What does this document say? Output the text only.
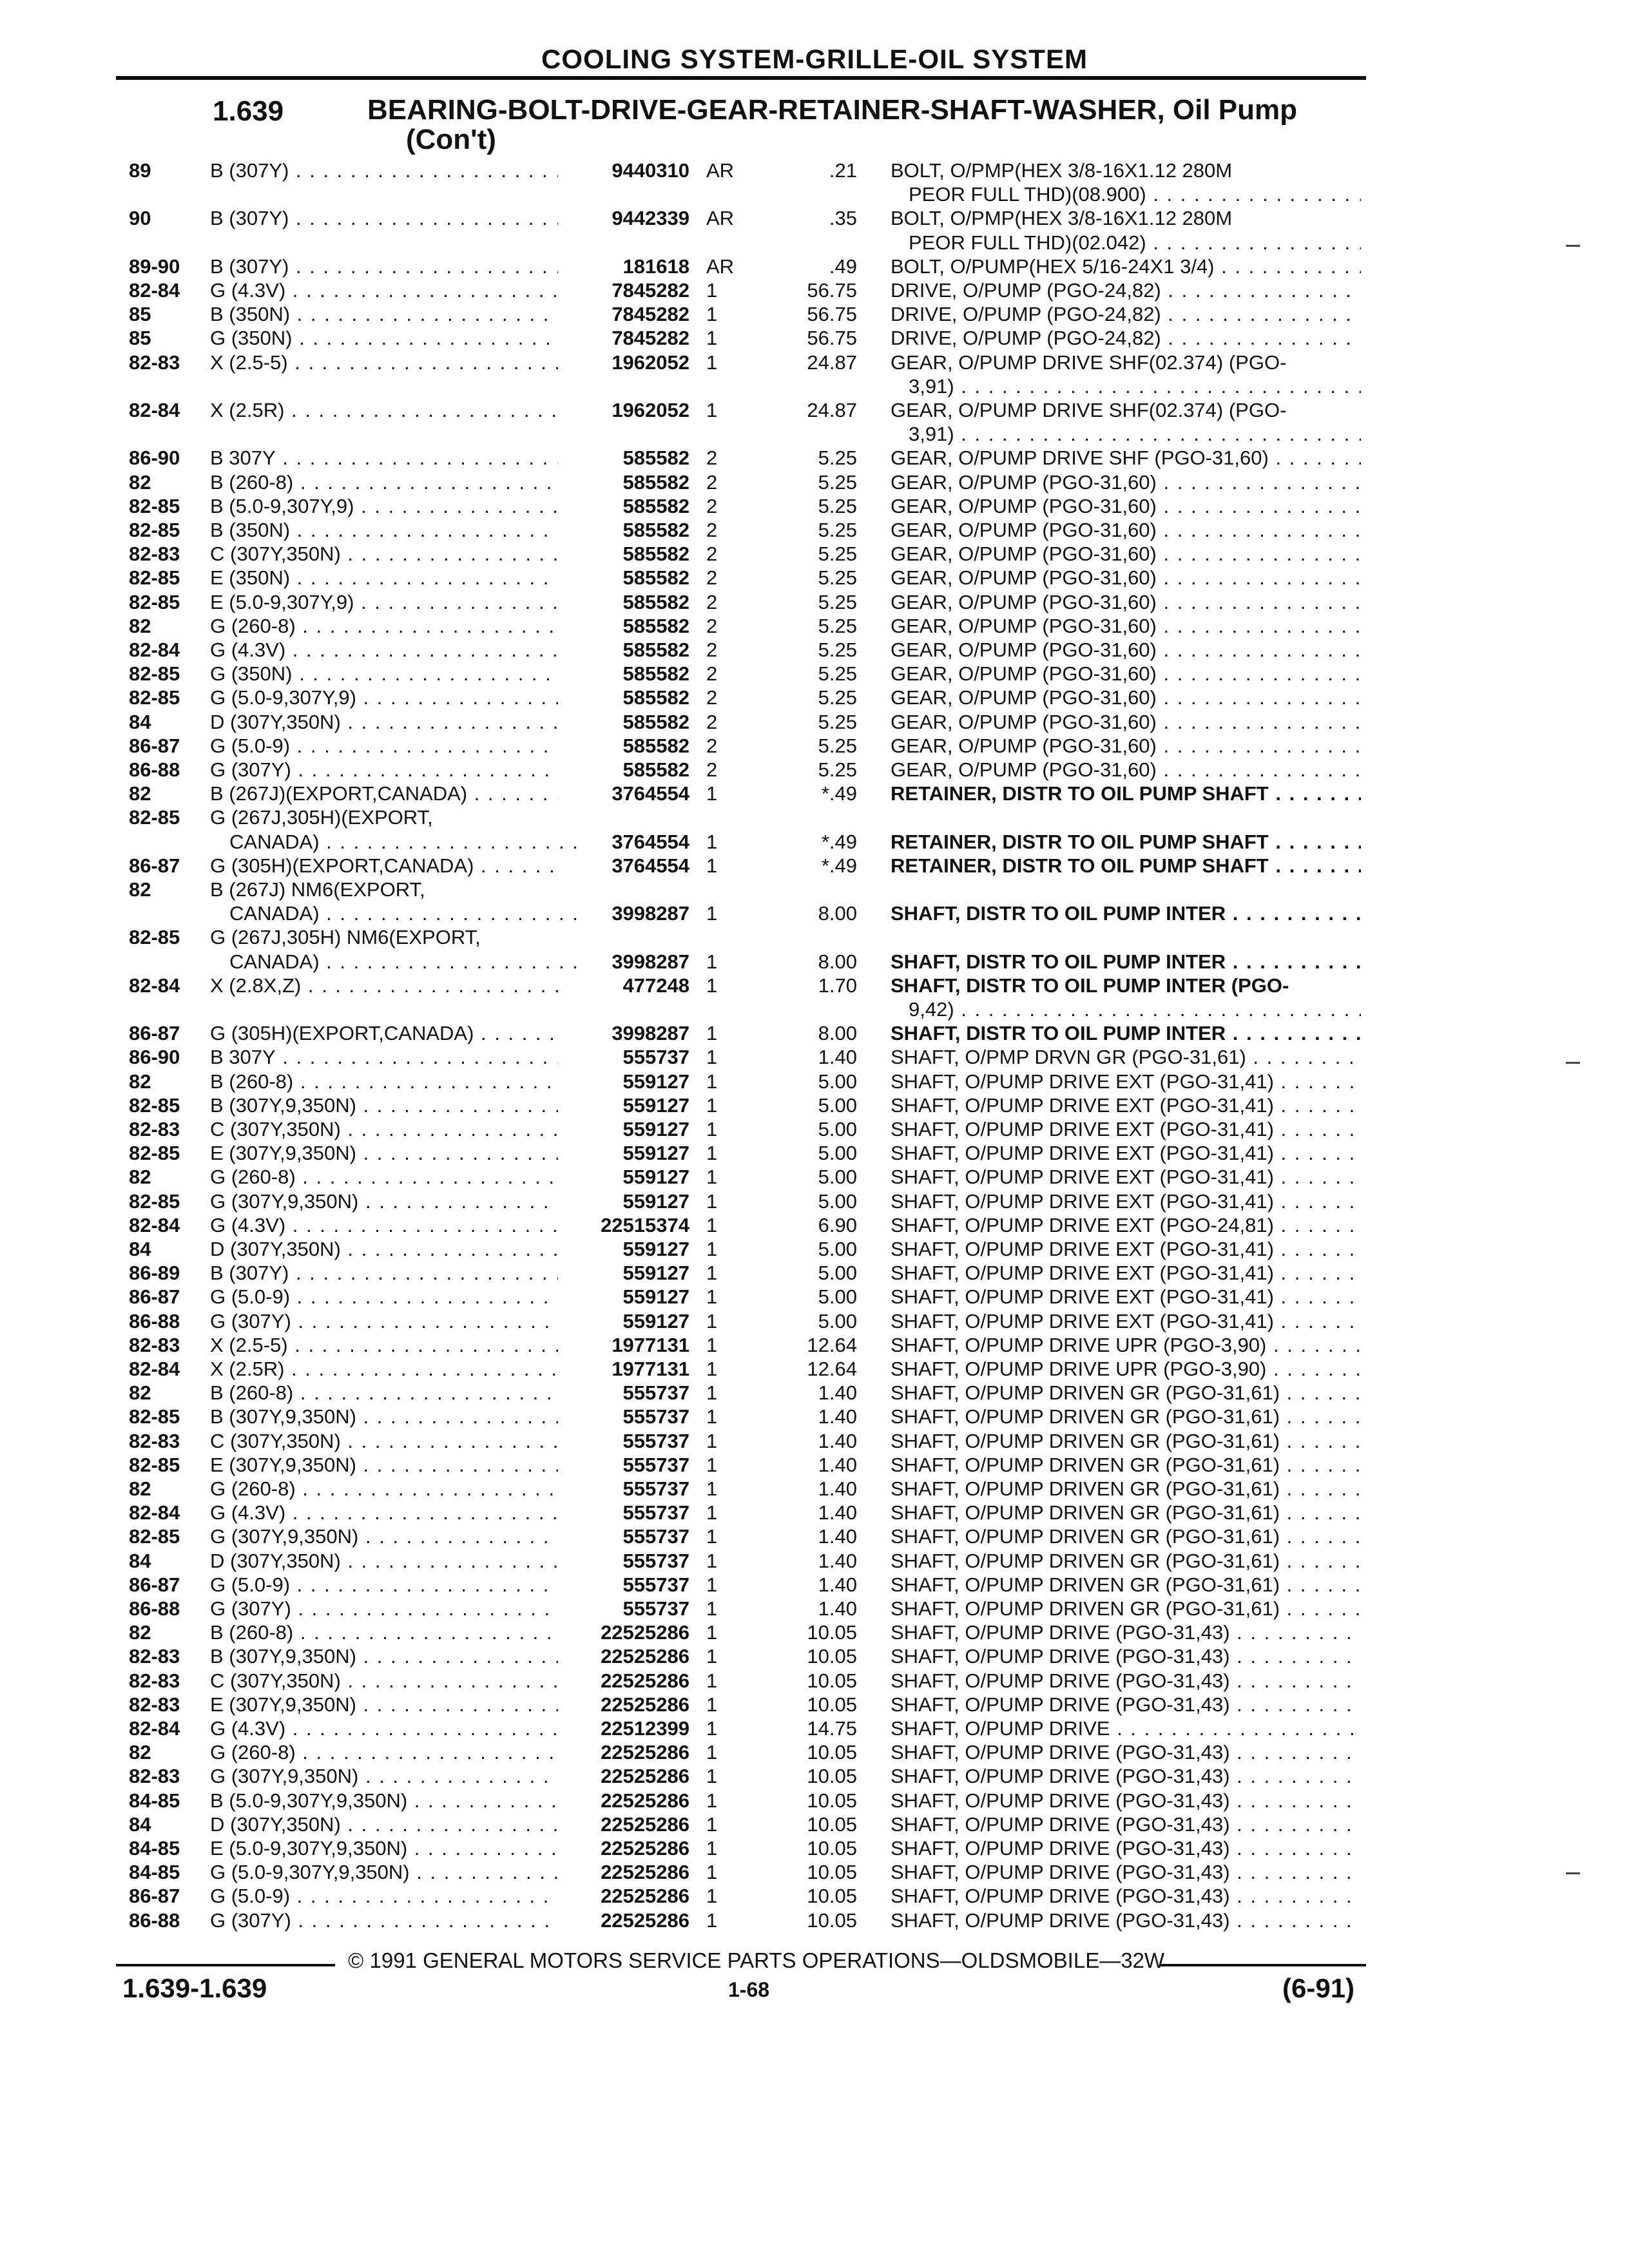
COOLING SYSTEM-GRILLE-OIL SYSTEM
1.639	BEARING-BOLT-DRIVE-GEAR-RETAINER-SHAFT-WASHER, Oil Pump
(Con't)
89	B (307Y) . . .	9440310 AR	.21 BOLT, O/PMP(HEX 3/8-16X1.12 280M
PEOR FULL THD)(08.900) . . .
90	B (307Y) . . .	9442339 AR	.35 BOLT, O/PMP(HEX 3/8-16X1.12 280M
PEOR FULL THD)(02.042) . . .
89-90 B (307Y) . . .	181618 AR	.49 BOLT, O/PUMP(HEX 5/16-24X1 3/4) . . .
82-84 G (4.3V) . . .	7845282 1	56.75 DRIVE, O/PUMP (PGO-24,82) . . .
85	B (350N) . . .	7845282 1	56.75 DRIVE, O/PUMP (PGO-24,82) . . .
85	G (350N) . . .	7845282 1	56.75 DRIVE, O/PUMP (PGO-24,82) . . .
82-83 X (2.5-5) . . .	1962052 1	24.87 GEAR, O/PUMP DRIVE SHF(02.374) (PGO-
3,91) . . .
82-84 X (2.5R) . . .	1962052 1	24.87 GEAR, O/PUMP DRIVE SHF(02.374) (PGO-
3,91) . . .
86-90 B 307Y . . .	585582 2	5.25 GEAR, O/PUMP DRIVE SHF (PGO-31,60) . . .
82	B (260-8) . . .	585582 2	5.25 GEAR, O/PUMP (PGO-31,60) . . .
82-85 B (5.0-9,307Y,9) . . .	585582 2	5.25 GEAR, O/PUMP (PGO-31,60) . . .
82-85 B (350N) . . .	585582 2	5.25 GEAR, O/PUMP (PGO-31,60) . . .
82-83 C (307Y,350N) . . .	585582 2	5.25 GEAR, O/PUMP (PGO-31,60) . . .
82-85 E (350N) . . .	585582 2	5.25 GEAR, O/PUMP (PGO-31,60) . . .
82-85 E (5.0-9,307Y,9) . . .	585582 2	5.25 GEAR, O/PUMP (PGO-31,60) . . .
82	G (260-8) . . .	585582 2	5.25 GEAR, O/PUMP (PGO-31,60) . . .
82-84 G (4.3V) . . .	585582 2	5.25 GEAR, O/PUMP (PGO-31,60) . . .
82-85 G (350N) . . .	585582 2	5.25 GEAR, O/PUMP (PGO-31,60) . . .
82-85 G (5.0-9,307Y,9) . . .	585582 2	5.25 GEAR, O/PUMP (PGO-31,60) . . .
84	D (307Y,350N) . . .	585582 2	5.25 GEAR, O/PUMP (PGO-31,60) . . .
86-87 G (5.0-9) . . .	585582 2	5.25 GEAR, O/PUMP (PGO-31,60) . . .
86-88 G (307Y) . . .	585582 2	5.25 GEAR, O/PUMP (PGO-31,60) . . .
82	B (267J)(EXPORT,CANADA) . . .	3764554 1	*.49 RETAINER, DISTR TO OIL PUMP SHAFT . . .
82-85 G (267J,305H)(EXPORT,
CANADA) . . .	3764554 1	*.49 RETAINER, DISTR TO OIL PUMP SHAFT . . .
86-87 G (305H)(EXPORT,CANADA) . . .	3764554 1	*.49 RETAINER, DISTR TO OIL PUMP SHAFT . . .
82	B (267J) NM6(EXPORT,
CANADA) . . .	3998287 1	8.00 SHAFT, DISTR TO OIL PUMP INTER . . .
82-85 G (267J,305H) NM6(EXPORT,
CANADA) . . .	3998287 1	8.00 SHAFT, DISTR TO OIL PUMP INTER . . .
82-84 X (2.8X,Z) . . .	477248 1	1.70 SHAFT, DISTR TO OIL PUMP INTER (PGO-
9,42) . . .
86-87 G (305H)(EXPORT,CANADA) . . .	3998287 1	8.00 SHAFT, DISTR TO OIL PUMP INTER . . .
86-90 B 307Y . . .	555737 1	1.40 SHAFT, O/PMP DRVN GR (PGO-31,61) . . .
82	B (260-8) . . .	559127 1	5.00 SHAFT, O/PUMP DRIVE EXT (PGO-31,41) . . .
82-85 B (307Y,9,350N) . . .	559127 1	5.00 SHAFT, O/PUMP DRIVE EXT (PGO-31,41) . . .
82-83 C (307Y,350N) . . .	559127 1	5.00 SHAFT, O/PUMP DRIVE EXT (PGO-31,41) . . .
82-85 E (307Y,9,350N) . . .	559127 1	5.00 SHAFT, O/PUMP DRIVE EXT (PGO-31,41) . . .
82	G (260-8) . . .	559127 1	5.00 SHAFT, O/PUMP DRIVE EXT (PGO-31,41) . . .
82-85 G (307Y,9,350N) . . .	559127 1	5.00 SHAFT, O/PUMP DRIVE EXT (PGO-31,41) . . .
82-84 G (4.3V) . . .	22515374 1	6.90 SHAFT, O/PUMP DRIVE EXT (PGO-24,81) . . .
84	D (307Y,350N) . . .	559127 1	5.00 SHAFT, O/PUMP DRIVE EXT (PGO-31,41) . . .
86-89 B (307Y) . . .	559127 1	5.00 SHAFT, O/PUMP DRIVE EXT (PGO-31,41) . . .
86-87 G (5.0-9) . . .	559127 1	5.00 SHAFT, O/PUMP DRIVE EXT (PGO-31,41) . . .
86-88 G (307Y) . . .	559127 1	5.00 SHAFT, O/PUMP DRIVE EXT (PGO-31,41) . . .
82-83 X (2.5-5) . . .	1977131 1	12.64 SHAFT, O/PUMP DRIVE UPR (PGO-3,90) . . .
82-84 X (2.5R) . . .	1977131 1	12.64 SHAFT, O/PUMP DRIVE UPR (PGO-3,90) . . .
82	B (260-8) . . .	555737 1	1.40 SHAFT, O/PUMP DRIVEN GR (PGO-31,61) . . .
82-85 B (307Y,9,350N) . . .	555737 1	1.40 SHAFT, O/PUMP DRIVEN GR (PGO-31,61) . . .
82-83 C (307Y,350N) . . .	555737 1	1.40 SHAFT, O/PUMP DRIVEN GR (PGO-31,61) . . .
82-85 E (307Y,9,350N) . . .	555737 1	1.40 SHAFT, O/PUMP DRIVEN GR (PGO-31,61) . . .
82	G (260-8) . . .	555737 1	1.40 SHAFT, O/PUMP DRIVEN GR (PGO-31,61) . . .
82-84 G (4.3V) . . .	555737 1	1.40 SHAFT, O/PUMP DRIVEN GR (PGO-31,61) . . .
82-85 G (307Y,9,350N) . . .	555737 1	1.40 SHAFT, O/PUMP DRIVEN GR (PGO-31,61) . . .
84	D (307Y,350N) . . .	555737 1	1.40 SHAFT, O/PUMP DRIVEN GR (PGO-31,61) . . .
86-87 G (5.0-9) . . .	555737 1	1.40 SHAFT, O/PUMP DRIVEN GR (PGO-31,61) . . .
86-88 G (307Y) . . .	555737 1	1.40 SHAFT, O/PUMP DRIVEN GR (PGO-31,61) . . .
82	B (260-8) . . .	22525286 1	10.05 SHAFT, O/PUMP DRIVE (PGO-31,43) . . .
82-83 B (307Y,9,350N) . . .	22525286 1	10.05 SHAFT, O/PUMP DRIVE (PGO-31,43) . . .
82-83 C (307Y,350N) . . .	22525286 1	10.05 SHAFT, O/PUMP DRIVE (PGO-31,43) . . .
82-83 E (307Y,9,350N) . . .	22525286 1	10.05 SHAFT, O/PUMP DRIVE (PGO-31,43) . . .
82-84 G (4.3V) . . .	22512399 1	14.75 SHAFT, O/PUMP DRIVE . . .
82	G (260-8) . . .	22525286 1	10.05 SHAFT, O/PUMP DRIVE (PGO-31,43) . . .
82-83 G (307Y,9,350N) . . .	22525286 1	10.05 SHAFT, O/PUMP DRIVE (PGO-31,43) . . .
84-85 B (5.0-9,307Y,9,350N) . . .	22525286 1	10.05 SHAFT, O/PUMP DRIVE (PGO-31,43) . . .
84	D (307Y,350N) . . .	22525286 1	10.05 SHAFT, O/PUMP DRIVE (PGO-31,43) . . .
84-85 E (5.0-9,307Y,9,350N) . . .	22525286 1	10.05 SHAFT, O/PUMP DRIVE (PGO-31,43) . . .
84-85 G (5.0-9,307Y,9,350N) . . .	22525286 1	10.05 SHAFT, O/PUMP DRIVE (PGO-31,43) . . .
86-87 G (5.0-9) . . .	22525286 1	10.05 SHAFT, O/PUMP DRIVE (PGO-31,43) . . .
86-88 G (307Y) . . .	22525286 1	10.05 SHAFT, O/PUMP DRIVE (PGO-31,43) . . .
© 1991 GENERAL MOTORS SERVICE PARTS OPERATIONS—OLDSMOBILE—32W
1.639-1.639	1-68	(6-91)
